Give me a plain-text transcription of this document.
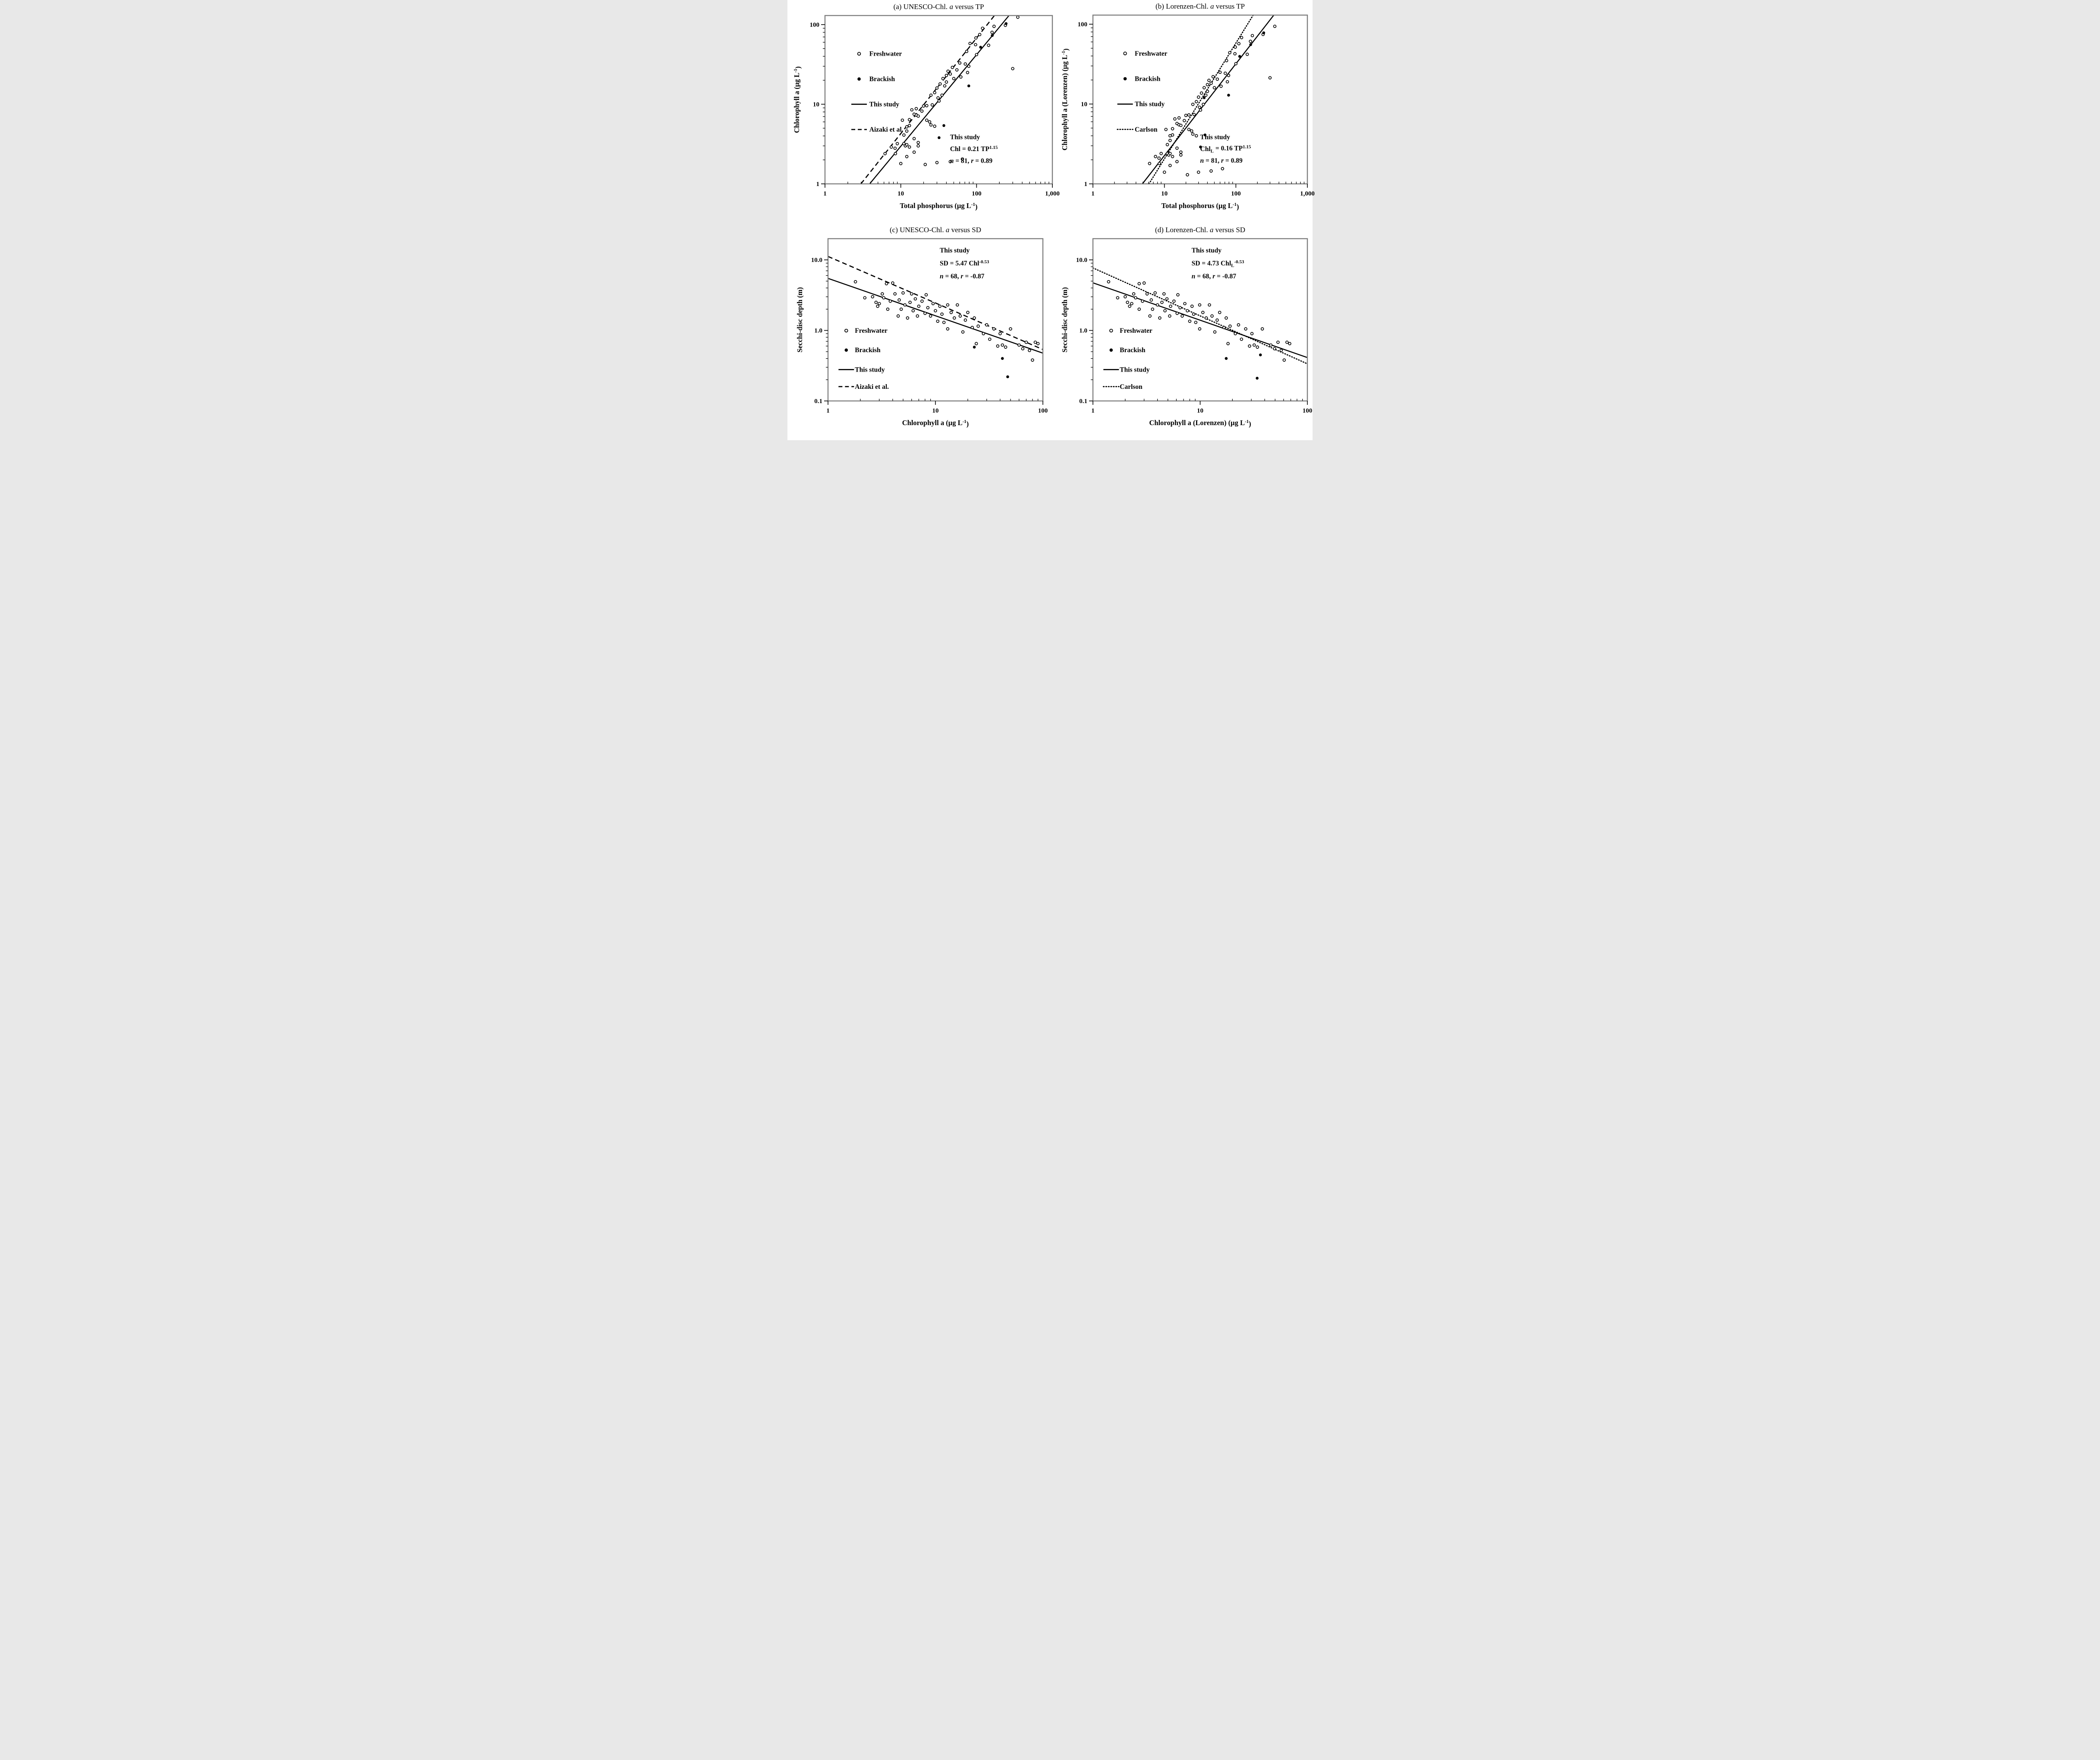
(a) UNESCO-Chl. a versus TP
1	10	100	1,000
1
10
100
Total phosphorus (µg $L^{-1}$)
Chlorophyll a (µg $L^{-1}$)
Freshwater
Brackish
This study
Aizaki et al.
This study
Chl = 0.21 $TP^{1.15}$
n = 81, r = 0.89
(b) Lorenzen-Chl. a versus TP
1	10	100	1,000
1
10
100
Total phosphorus (µg $L^{-1}$)
Chlorophyll a (Lorenzen) (µg $L^{-1}$)
Freshwater
Brackish
This study
Carlson
This study
Chl$_L$ = 0.16 $TP^{1.15}$
n = 81, r = 0.89
(c) UNESCO-Chl. a versus SD
1	10	100
0.1
1.0
10.0
Chlorophyll a (µg $L^{-1}$)
Secchi-disc depth (m)	Freshwater
Brackish
This study
Aizaki et al.
This study
SD = 5.47 Chl$^{-0.53}$
n = 68, r = -0.87
(d) Lorenzen-Chl. a versus SD
1	10	100
0.1
1.0
10.0
Chlorophyll a (Lorenzen) (µg $L^{-1}$)
Secchi-disc depth (m)	Freshwater
Brackish
This study
Carlson
This study
SD = 4.73 Chl$_L^{-0.53}$
n = 68, r = -0.87
